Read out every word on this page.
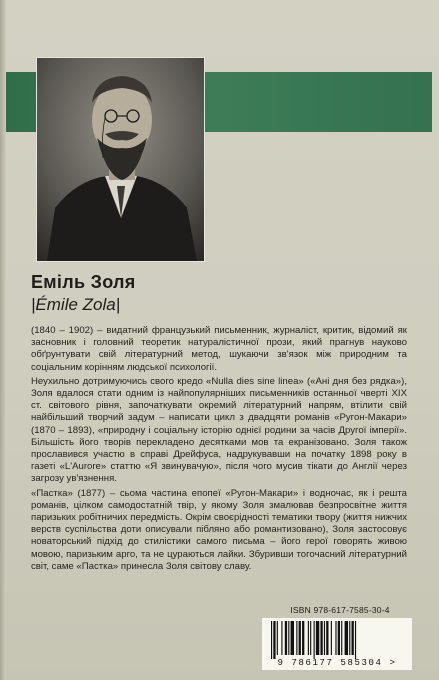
Еміль Золя
|Émile Zola|

(1840 – 1902) – видатний французький письменник, журналіст, критик, відомий як засновник і головний теоретик натуралістичної прози, який прагнув науково обґрунтувати свій літературний метод, шукаючи зв'язок між природним та соціальним корінням людської психології.

Неухильно дотримуючись свого кредо «Nulla dies sine linea» («Ані дня без рядка»), Золя вдалося стати одним із найпопулярніших письменників останньої чверті XIX ст. світового рівня, започаткувати окремий літературний напрям, втілити свій найбільший творчий задум – написати цикл з двадцяти романів «Ругон-Макари» (1870 – 1893), «природну і соціальну історію однієї родини за часів Другої імперії». Більшість його творів перекладено десятками мов та екранізовано. Золя також прославився участю в справі Дрейфуса, надрукувавши на початку 1898 року в газеті «L'Aurore» статтю «Я звинувачую», після чого мусив тікати до Англії через загрозу ув'язнення.

«Пастка» (1877) – сьома частина епопеї «Ругон-Макари» і водночас, як і решта романів, цілком самодостатній твір, у якому Золя змалював безпросвітне життя паризьких робітничих передмість. Окрім своєрідності тематики твору (життя нижчих верств суспільства доти описували пібляно або романтизовано), Золя застосовує новаторський підхід до стилістики самого письма – його герої говорять живою мовою, паризьким арго, та не цураються лайки. Збуривши тогочасний літературний світ, саме «Пастка» принесла Золя світову славу.

ISBN 978-617-7585-30-4
9 786177 585304 >
